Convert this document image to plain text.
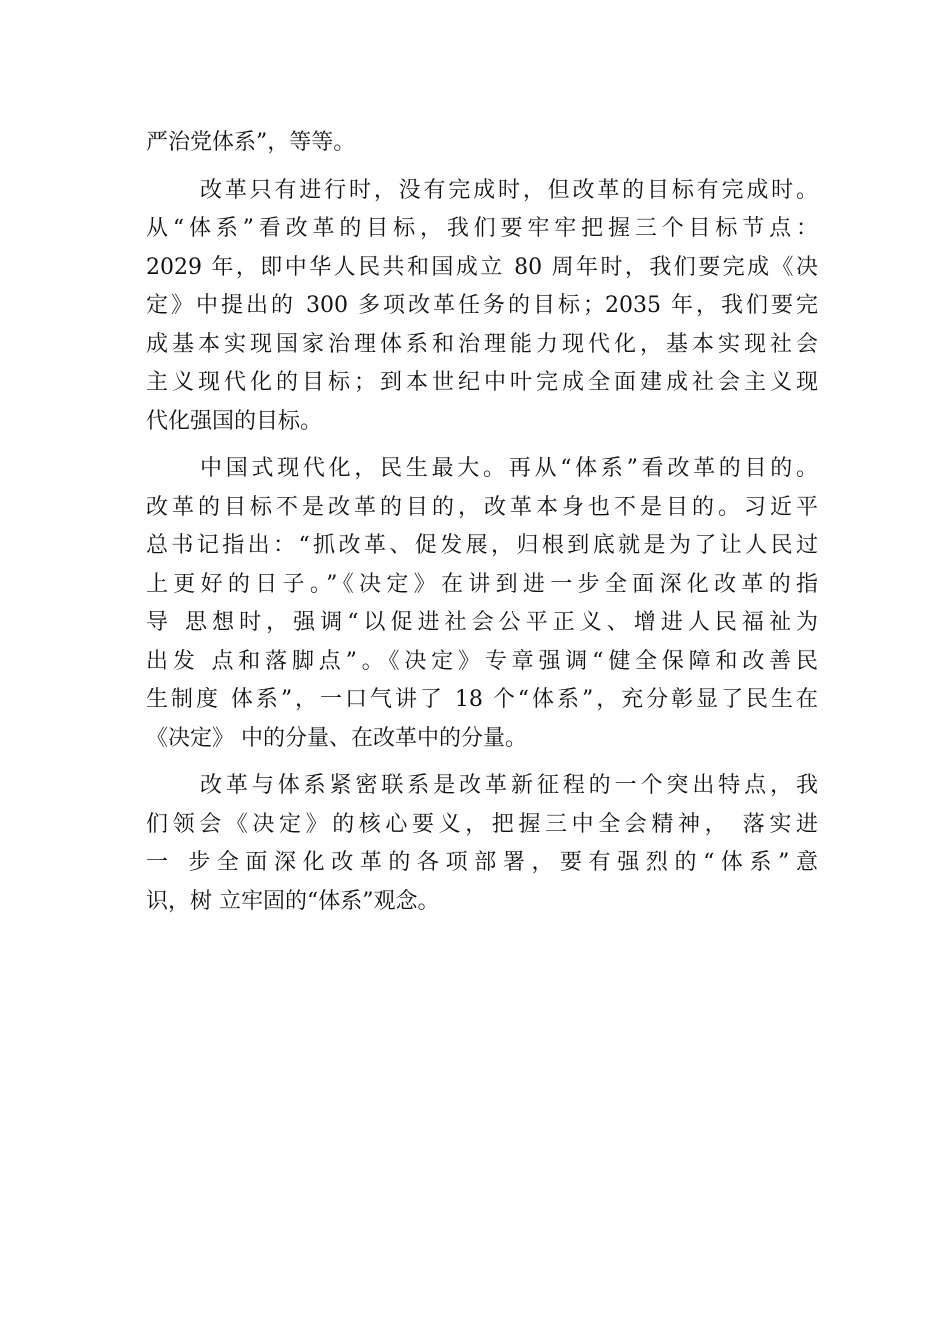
严治党体系”，等等。
改革只有进行时，没有完成时，但改革的目标有完成时。
从“体系”看改革的目标，我们要牢牢把握三个目标节点：
2029 年，即中华人民共和国成立 80 周年时，我们要完成《决
定》中提出的 300 多项改革任务的目标；2035 年，我们要完
成基本实现国家治理体系和治理能力现代化，基本实现社会
主义现代化的目标；到本世纪中叶完成全面建成社会主义现
代化强国的目标。
中国式现代化，民生最大。再从“体系”看改革的目的。
改革的目标不是改革的目的，改革本身也不是目的。习近平
总书记指出：“抓改革、促发展，归根到底就是为了让人民过
上更好的日子。”《决定》在讲到进一步全面深化改革的指
导 思想时，强调“以促进社会公平正义、增进人民福祉为
出发 点和落脚点”。《决定》专章强调“健全保障和改善民
生制度 体系”，一口气讲了 18 个“体系”，充分彰显了民生在
《决定》 中的分量、在改革中的分量。
改革与体系紧密联系是改革新征程的一个突出特点，我
们领会《决定》的核心要义，把握三中全会精神， 落实进
一 步全面深化改革的各项部署，要有强烈的“体系”意
识，树 立牢固的“体系”观念。
